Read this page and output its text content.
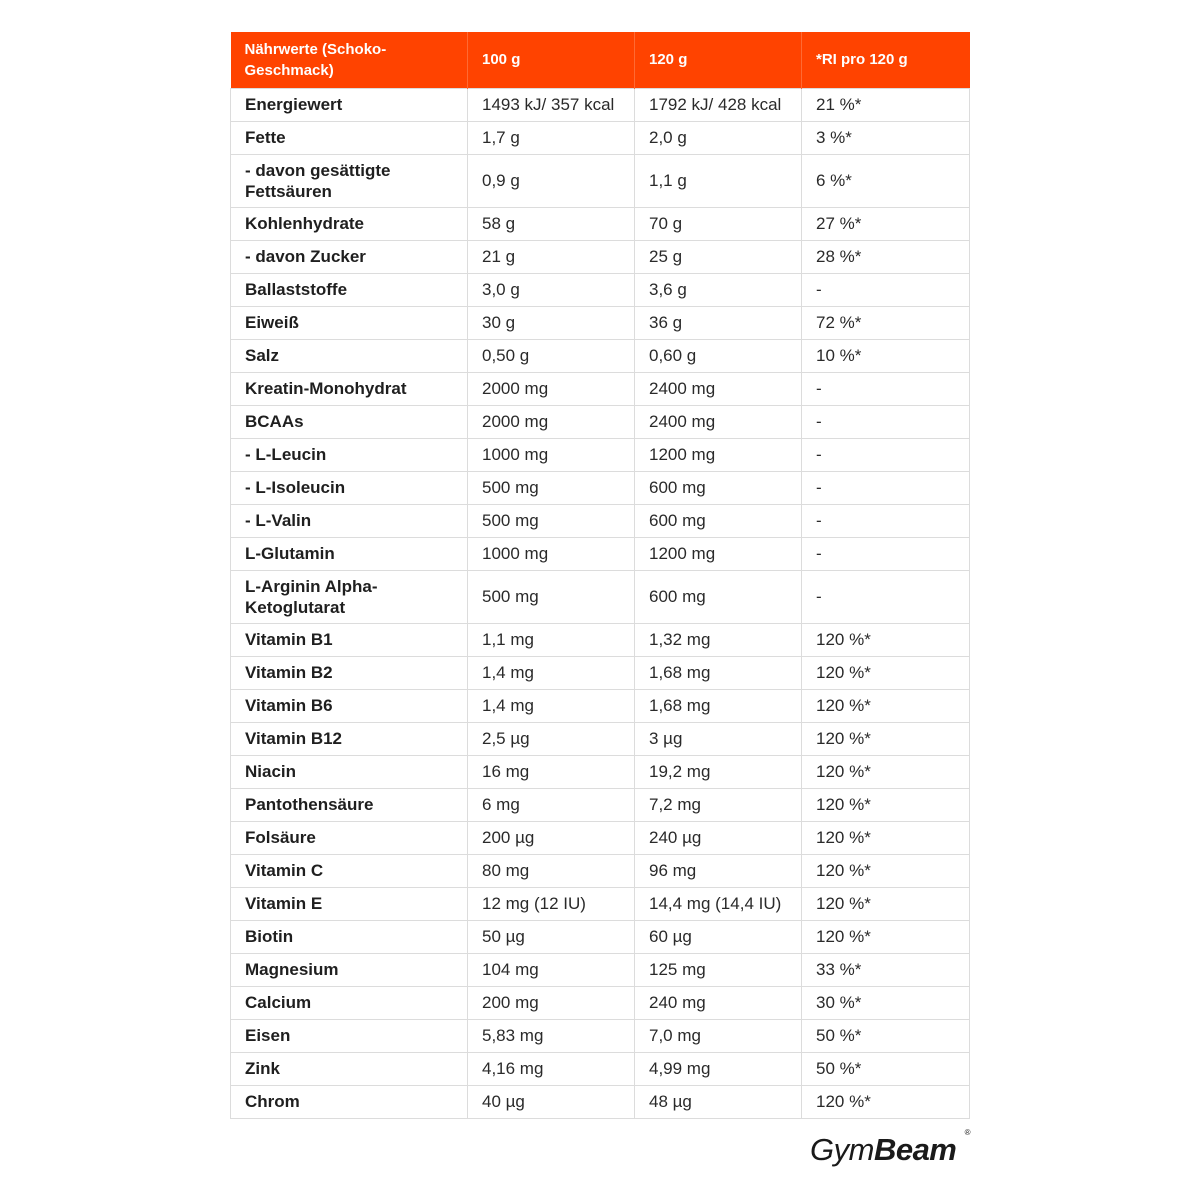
Nährwerte (Schoko-Geschmack)	100 g	120 g	*RI pro 120 g
Energiewert	1493 kJ/ 357 kcal	1792 kJ/ 428 kcal	21 %*
Fette	1,7 g	2,0 g	3 %*
- davon gesättigte Fettsäuren	0,9 g	1,1 g	6 %*
Kohlenhydrate	58 g	70 g	27 %*
- davon Zucker	21 g	25 g	28 %*
Ballaststoffe	3,0 g	3,6 g	-
Eiweiß	30 g	36 g	72 %*
Salz	0,50 g	0,60 g	10 %*
Kreatin-Monohydrat	2000 mg	2400 mg	-
BCAAs	2000 mg	2400 mg	-
- L-Leucin	1000 mg	1200 mg	-
- L-Isoleucin	500 mg	600 mg	-
- L-Valin	500 mg	600 mg	-
L-Glutamin	1000 mg	1200 mg	-
L-Arginin Alpha-Ketoglutarat	500 mg	600 mg	-
Vitamin B1	1,1 mg	1,32 mg	120 %*
Vitamin B2	1,4 mg	1,68 mg	120 %*
Vitamin B6	1,4 mg	1,68 mg	120 %*
Vitamin B12	2,5 µg	3 µg	120 %*
Niacin	16 mg	19,2 mg	120 %*
Pantothensäure	6 mg	7,2 mg	120 %*
Folsäure	200 µg	240 µg	120 %*
Vitamin C	80 mg	96 mg	120 %*
Vitamin E	12 mg (12 IU)	14,4 mg (14,4 IU)	120 %*
Biotin	50 µg	60 µg	120 %*
Magnesium	104 mg	125 mg	33 %*
Calcium	200 mg	240 mg	30 %*
Eisen	5,83 mg	7,0 mg	50 %*
Zink	4,16 mg	4,99 mg	50 %*
Chrom	40 µg	48 µg	120 %*
GymBeam ®
